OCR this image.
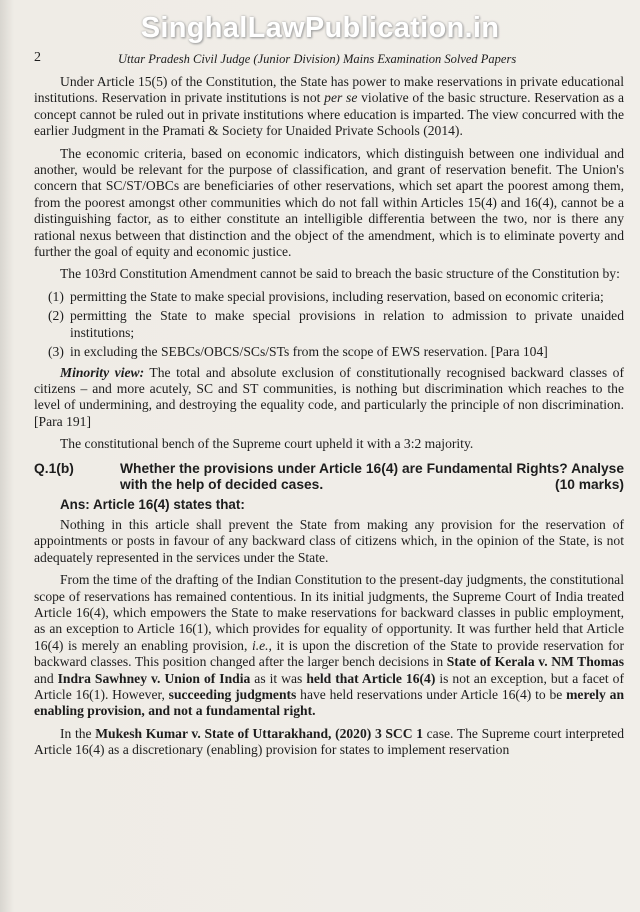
SinghalLawPublication.in
2	Uttar Pradesh Civil Judge (Junior Division) Mains Examination Solved Papers

Under Article 15(5) of the Constitution, the State has power to make reservations in private educational institutions. Reservation in private institutions is not per se violative of the basic structure. Reservation as a concept cannot be ruled out in private institutions where education is imparted. The view concurred with the earlier Judgment in the Pramati & Society for Unaided Private Schools (2014).

The economic criteria, based on economic indicators, which distinguish between one individual and another, would be relevant for the purpose of classification, and grant of reservation benefit. The Union's concern that SC/ST/OBCs are beneficiaries of other reservations, which set apart the poorest among them, from the poorest amongst other communities which do not fall within Articles 15(4) and 16(4), cannot be a distinguishing factor, as to either constitute an intelligible differentia between the two, nor is there any rational nexus between that distinction and the object of the amendment, which is to eliminate poverty and further the goal of equity and economic justice.

The 103rd Constitution Amendment cannot be said to breach the basic structure of the Constitution by:

(1) permitting the State to make special provisions, including reservation, based on economic criteria;
(2) permitting the State to make special provisions in relation to admission to private unaided institutions;
(3) in excluding the SEBCs/OBCS/SCs/STs from the scope of EWS reservation. [Para 104]

Minority view: The total and absolute exclusion of constitutionally recognised backward classes of citizens – and more acutely, SC and ST communities, is nothing but discrimination which reaches to the level of undermining, and destroying the equality code, and particularly the principle of non discrimination. [Para 191]

The constitutional bench of the Supreme court upheld it with a 3:2 majority.

Q.1(b)	Whether the provisions under Article 16(4) are Fundamental Rights? Analyse with the help of decided cases.	(10 marks)
Ans: Article 16(4) states that:

Nothing in this article shall prevent the State from making any provision for the reservation of appointments or posts in favour of any backward class of citizens which, in the opinion of the State, is not adequately represented in the services under the State.

From the time of the drafting of the Indian Constitution to the present-day judgments, the constitutional scope of reservations has remained contentious. In its initial judgments, the Supreme Court of India treated Article 16(4), which empowers the State to make reservations for backward classes in public employment, as an exception to Article 16(1), which provides for equality of opportunity. It was further held that Article 16(4) is merely an enabling provision, i.e., it is upon the discretion of the State to provide reservation for backward classes. This position changed after the larger bench decisions in State of Kerala v. NM Thomas and Indra Sawhney v. Union of India as it was held that Article 16(4) is not an exception, but a facet of Article 16(1). However, succeeding judgments have held reservations under Article 16(4) to be merely an enabling provision, and not a fundamental right.

In the Mukesh Kumar v. State of Uttarakhand, (2020) 3 SCC 1 case. The Supreme court interpreted Article 16(4) as a discretionary (enabling) provision for states to implement reservation
